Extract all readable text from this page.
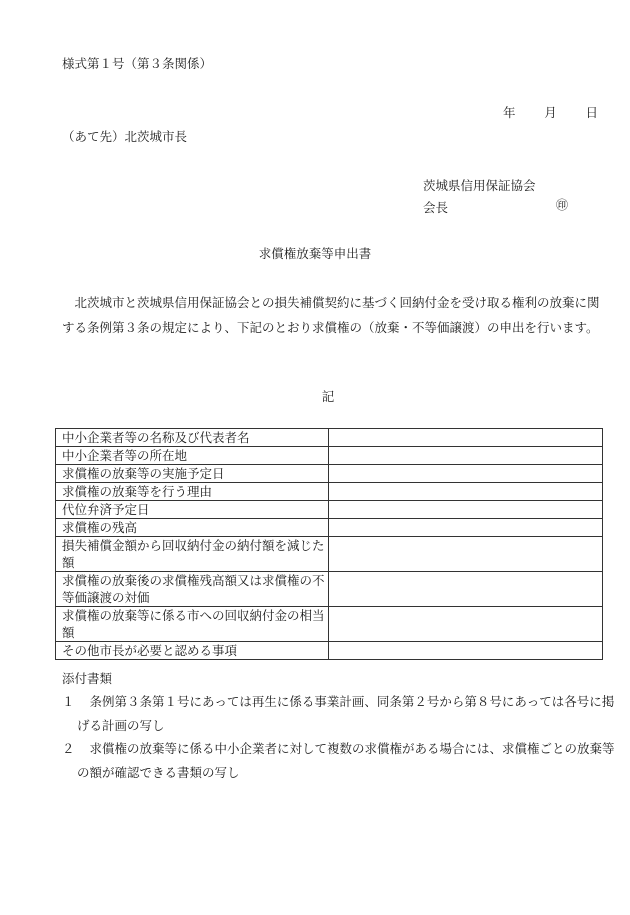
様式第１号（第３条関係）
年 月 日
（あて先）北茨城市長
茨城県信用保証協会
会長	㊞
求償権放棄等申出書
北茨城市と茨城県信用保証協会との損失補償契約に基づく回納付金を受け取る権利の放棄に関する条例第３条の規定により、下記のとおり求償権の（放棄・不等価譲渡）の申出を行います。
記
中小企業者等の名称及び代表者名	
中小企業者等の所在地	
求償権の放棄等の実施予定日	
求償権の放棄等を行う理由	
代位弁済予定日	
求償権の残高	
損失補償金額から回収納付金の納付額を減じた額	
求償権の放棄後の求償権残高額又は求償権の不等価譲渡の対価	
求償権の放棄等に係る市への回収納付金の相当額	
その他市長が必要と認める事項	
添付書類
１ 条例第３条第１号にあっては再生に係る事業計画、同条第２号から第８号にあっては各号に掲げる計画の写し
２ 求償権の放棄等に係る中小企業者に対して複数の求償権がある場合には、求償権ごとの放棄等の額が確認できる書類の写し
